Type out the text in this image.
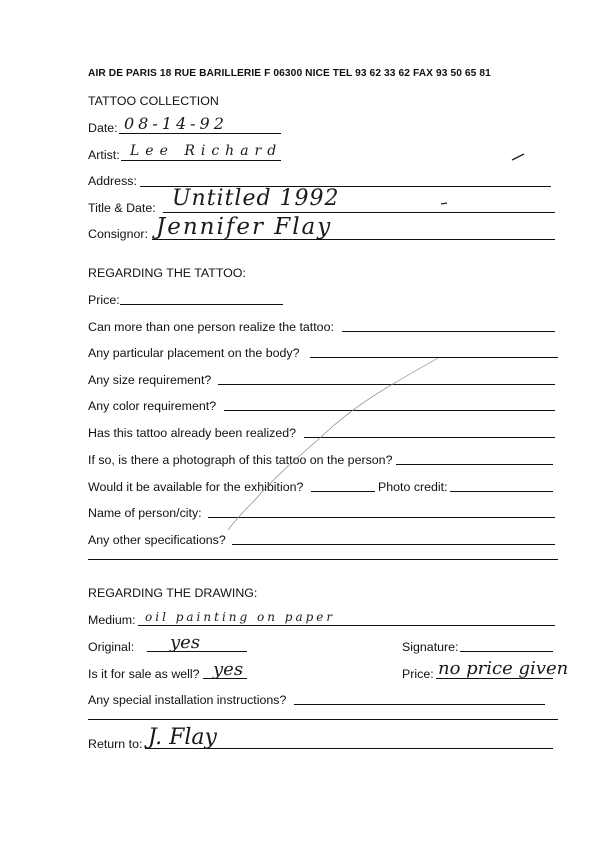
AIR DE PARIS 18 RUE BARILLERIE F 06300 NICE TEL 93 62 33 62 FAX 93 50 65 81
TATTOO COLLECTION
Date: 08-14-92
Artist: Lee Richard
Address:
Title & Date: Untitled 1992
Consignor: Jennifer Flay
REGARDING THE TATTOO:
Price:
Can more than one person realize the tattoo:
Any particular placement on the body?
Any size requirement?
Any color requirement?
Has this tattoo already been realized?
If so, is there a photograph of this tattoo on the person?
Would it be available for the exhibition?	Photo credit:
Name of person/city:
Any other specifications?
REGARDING THE DRAWING:
Medium: oil painting on paper
Original: yes	Signature:
Is it for sale as well? yes	Price: no price given
Any special installation instructions?
Return to: J. Flay
